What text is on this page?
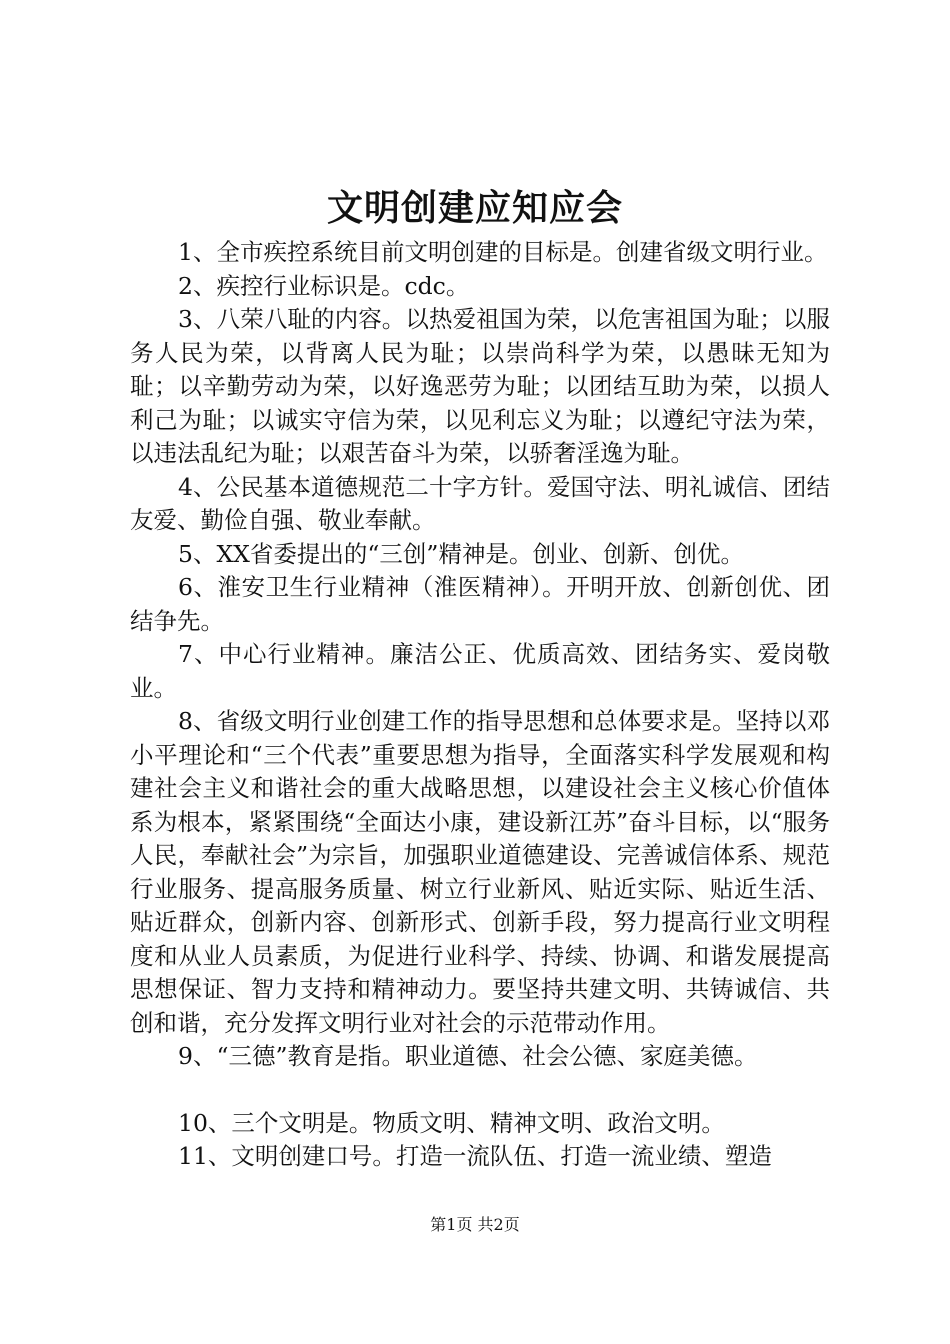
文明创建应知应会

1、全市疾控系统目前文明创建的目标是。创建省级文明行业。

2、疾控行业标识是。cdc。

3、八荣八耻的内容。以热爱祖国为荣，以危害祖国为耻；以服务人民为荣，以背离人民为耻；以崇尚科学为荣，以愚昧无知为耻；以辛勤劳动为荣，以好逸恶劳为耻；以团结互助为荣，以损人利己为耻；以诚实守信为荣，以见利忘义为耻；以遵纪守法为荣，以违法乱纪为耻；以艰苦奋斗为荣，以骄奢淫逸为耻。

4、公民基本道德规范二十字方针。爱国守法、明礼诚信、团结友爱、勤俭自强、敬业奉献。

5、XX省委提出的“三创”精神是。创业、创新、创优。

6、淮安卫生行业精神（淮医精神）。开明开放、创新创优、团结争先。

7、中心行业精神。廉洁公正、优质高效、团结务实、爱岗敬业。

8、省级文明行业创建工作的指导思想和总体要求是。坚持以邓小平理论和“三个代表”重要思想为指导，全面落实科学发展观和构建社会主义和谐社会的重大战略思想，以建设社会主义核心价值体系为根本，紧紧围绕“全面达小康，建设新江苏”奋斗目标，以“服务人民，奉献社会”为宗旨，加强职业道德建设、完善诚信体系、规范行业服务、提高服务质量、树立行业新风、贴近实际、贴近生活、贴近群众，创新内容、创新形式、创新手段，努力提高行业文明程度和从业人员素质，为促进行业科学、持续、协调、和谐发展提高思想保证、智力支持和精神动力。要坚持共建文明、共铸诚信、共创和谐，充分发挥文明行业对社会的示范带动作用。

9、“三德”教育是指。职业道德、社会公德、家庭美德。

10、三个文明是。物质文明、精神文明、政治文明。

11、文明创建口号。打造一流队伍、打造一流业绩、塑造

第1页 共2页
